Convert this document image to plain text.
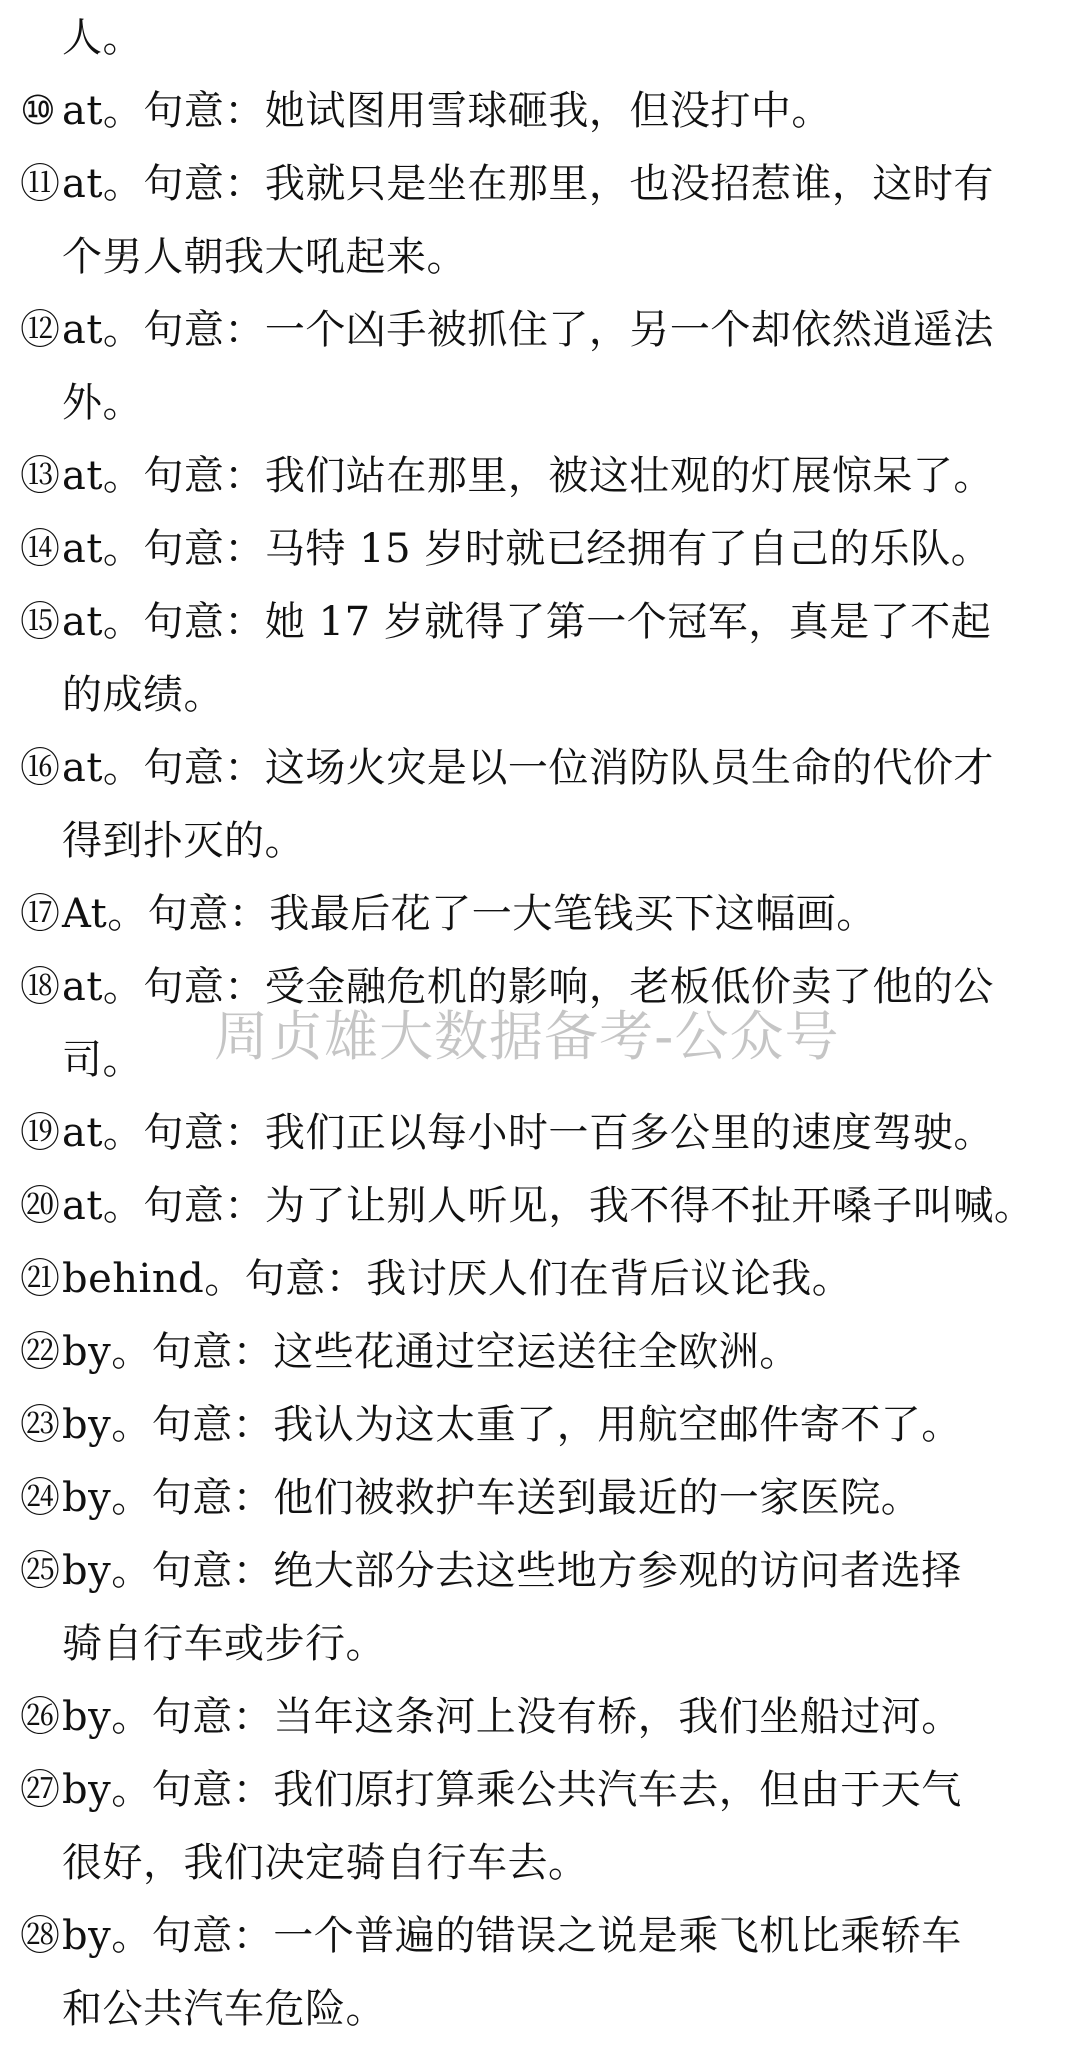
人。
⑩ at。句意：她试图用雪球砸我，但没打中。
⑪ at。句意：我就只是坐在那里，也没招惹谁，这时有
个男人朝我大吼起来。
⑫ at。句意：一个凶手被抓住了，另一个却依然逍遥法
外。
⑬ at。句意：我们站在那里，被这壮观的灯展惊呆了。
⑭ at。句意：马特 15 岁时就已经拥有了自己的乐队。
⑮ at。句意：她 17 岁就得了第一个冠军，真是了不起
的成绩。
⑯ at。句意：这场火灾是以一位消防队员生命的代价才
得到扑灭的。
⑰ At。句意：我最后花了一大笔钱买下这幅画。
⑱ at。句意：受金融危机的影响，老板低价卖了他的公
司。
⑲ at。句意：我们正以每小时一百多公里的速度驾驶。
⑳ at。句意：为了让别人听见，我不得不扯开嗓子叫喊。
㉑ behind。句意：我讨厌人们在背后议论我。
㉒ by。句意：这些花通过空运送往全欧洲。
㉓ by。句意：我认为这太重了，用航空邮件寄不了。
㉔ by。句意：他们被救护车送到最近的一家医院。
㉕ by。句意：绝大部分去这些地方参观的访问者选择
骑自行车或步行。
㉖ by。句意：当年这条河上没有桥，我们坐船过河。
㉗ by。句意：我们原打算乘公共汽车去，但由于天气
很好，我们决定骑自行车去。
㉘ by。句意：一个普遍的错误之说是乘飞机比乘轿车
和公共汽车危险。
周贞雄大数据备考-公众号
